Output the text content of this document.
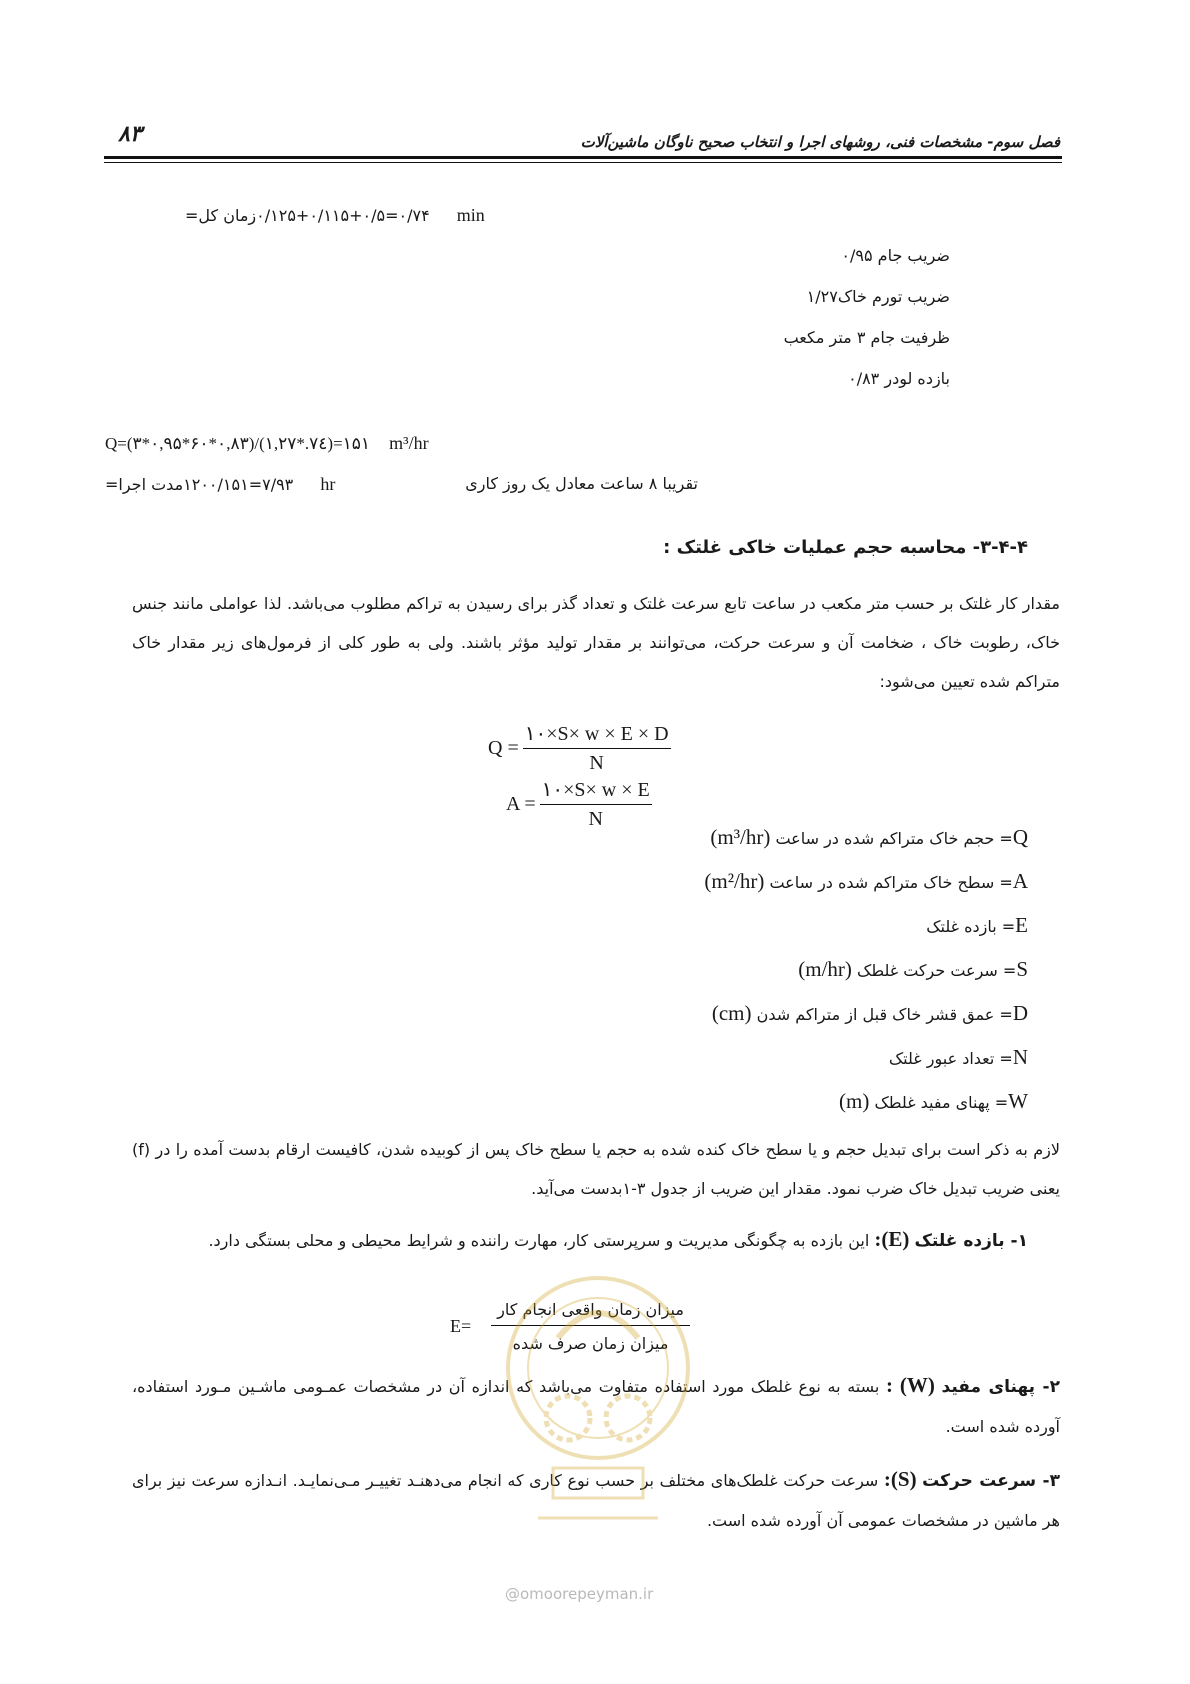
فصل سوم- مشخصات فنی، روشهای اجرا و انتخاب صحیح ناوگان ماشین‌آلات
۸۳
زمان کل=۰/۱۲۵+۰/۱۱۵+۰/۵=۰/۷۴ min
ضریب جام ۰/۹۵
ضریب تورم خاک۱/۲۷
ظرفیت جام ۳ متر مکعب
بازده لودر ۰/۸۳
Q=(۳*۰,۹۵*۶۰*۰,۸۳)/(۱,۲۷*.۷٤)=۱۵۱ m³/hr
مدت اجرا=۱۲۰۰/۱۵۱=۷/۹۳ hr	تقریبا ۸ ساعت معادل یک روز کاری
۳-۴-۴- محاسبه حجم عملیات خاکی غلتک :
مقدار کار غلتک بر حسب متر مکعب در ساعت تابع سرعت غلتک و تعداد گذر برای رسیدن به تراکم مطلوب می‌باشد. لذا عواملی مانند جنس خاک، رطوبت خاک ، ضخامت آن و سرعت حرکت، می‌توانند بر مقدار تولید مؤثر باشند. ولی به طور کلی از فرمول‌های زیر مقدار خاک متراکم شده تعیین می‌شود:
$Q = \frac{۱۰\times S\times w \times E \times D}{N}$
$A = \frac{۱۰\times S\times w \times E}{N}$
Q= حجم خاک متراکم شده در ساعت (m³/hr)
A= سطح خاک متراکم شده در ساعت (m²/hr)
E= بازده غلتک
S= سرعت حرکت غلطک (m/hr)
D= عمق قشر خاک قبل از متراکم شدن (cm)
N= تعداد عبور غلتک
W= پهنای مفید غلطک (m)
لازم به ذکر است برای تبدیل حجم و یا سطح خاک کنده شده به حجم یا سطح خاک پس از کوبیده شدن، کافیست ارقام بدست آمده را در (f) یعنی ضریب تبدیل خاک ضرب نمود. مقدار این ضریب از جدول ۳-۱بدست می‌آید.
۱- بازده غلتک (E): این بازده به چگونگی مدیریت و سرپرستی کار، مهارت راننده و شرایط محیطی و محلی بستگی دارد.
E=
میزان زمان واقعی انجام کار
میزان زمان صرف شده
۲- پهنای مفید (W) : بسته به نوع غلطک مورد استفاده متفاوت می‌باشد که اندازه آن در مشخصات عمـومی ماشـین مـورد استفاده، آورده شده است.
۳- سرعت حرکت (S): سرعت حرکت غلطک‌های مختلف بر حسب نوع کاری که انجام می‌دهنـد تغییـر مـی‌نمایـد. انـدازه سرعت نیز برای هر ماشین در مشخصات عمومی آن آورده شده است.
@omoorepeyman.ir
